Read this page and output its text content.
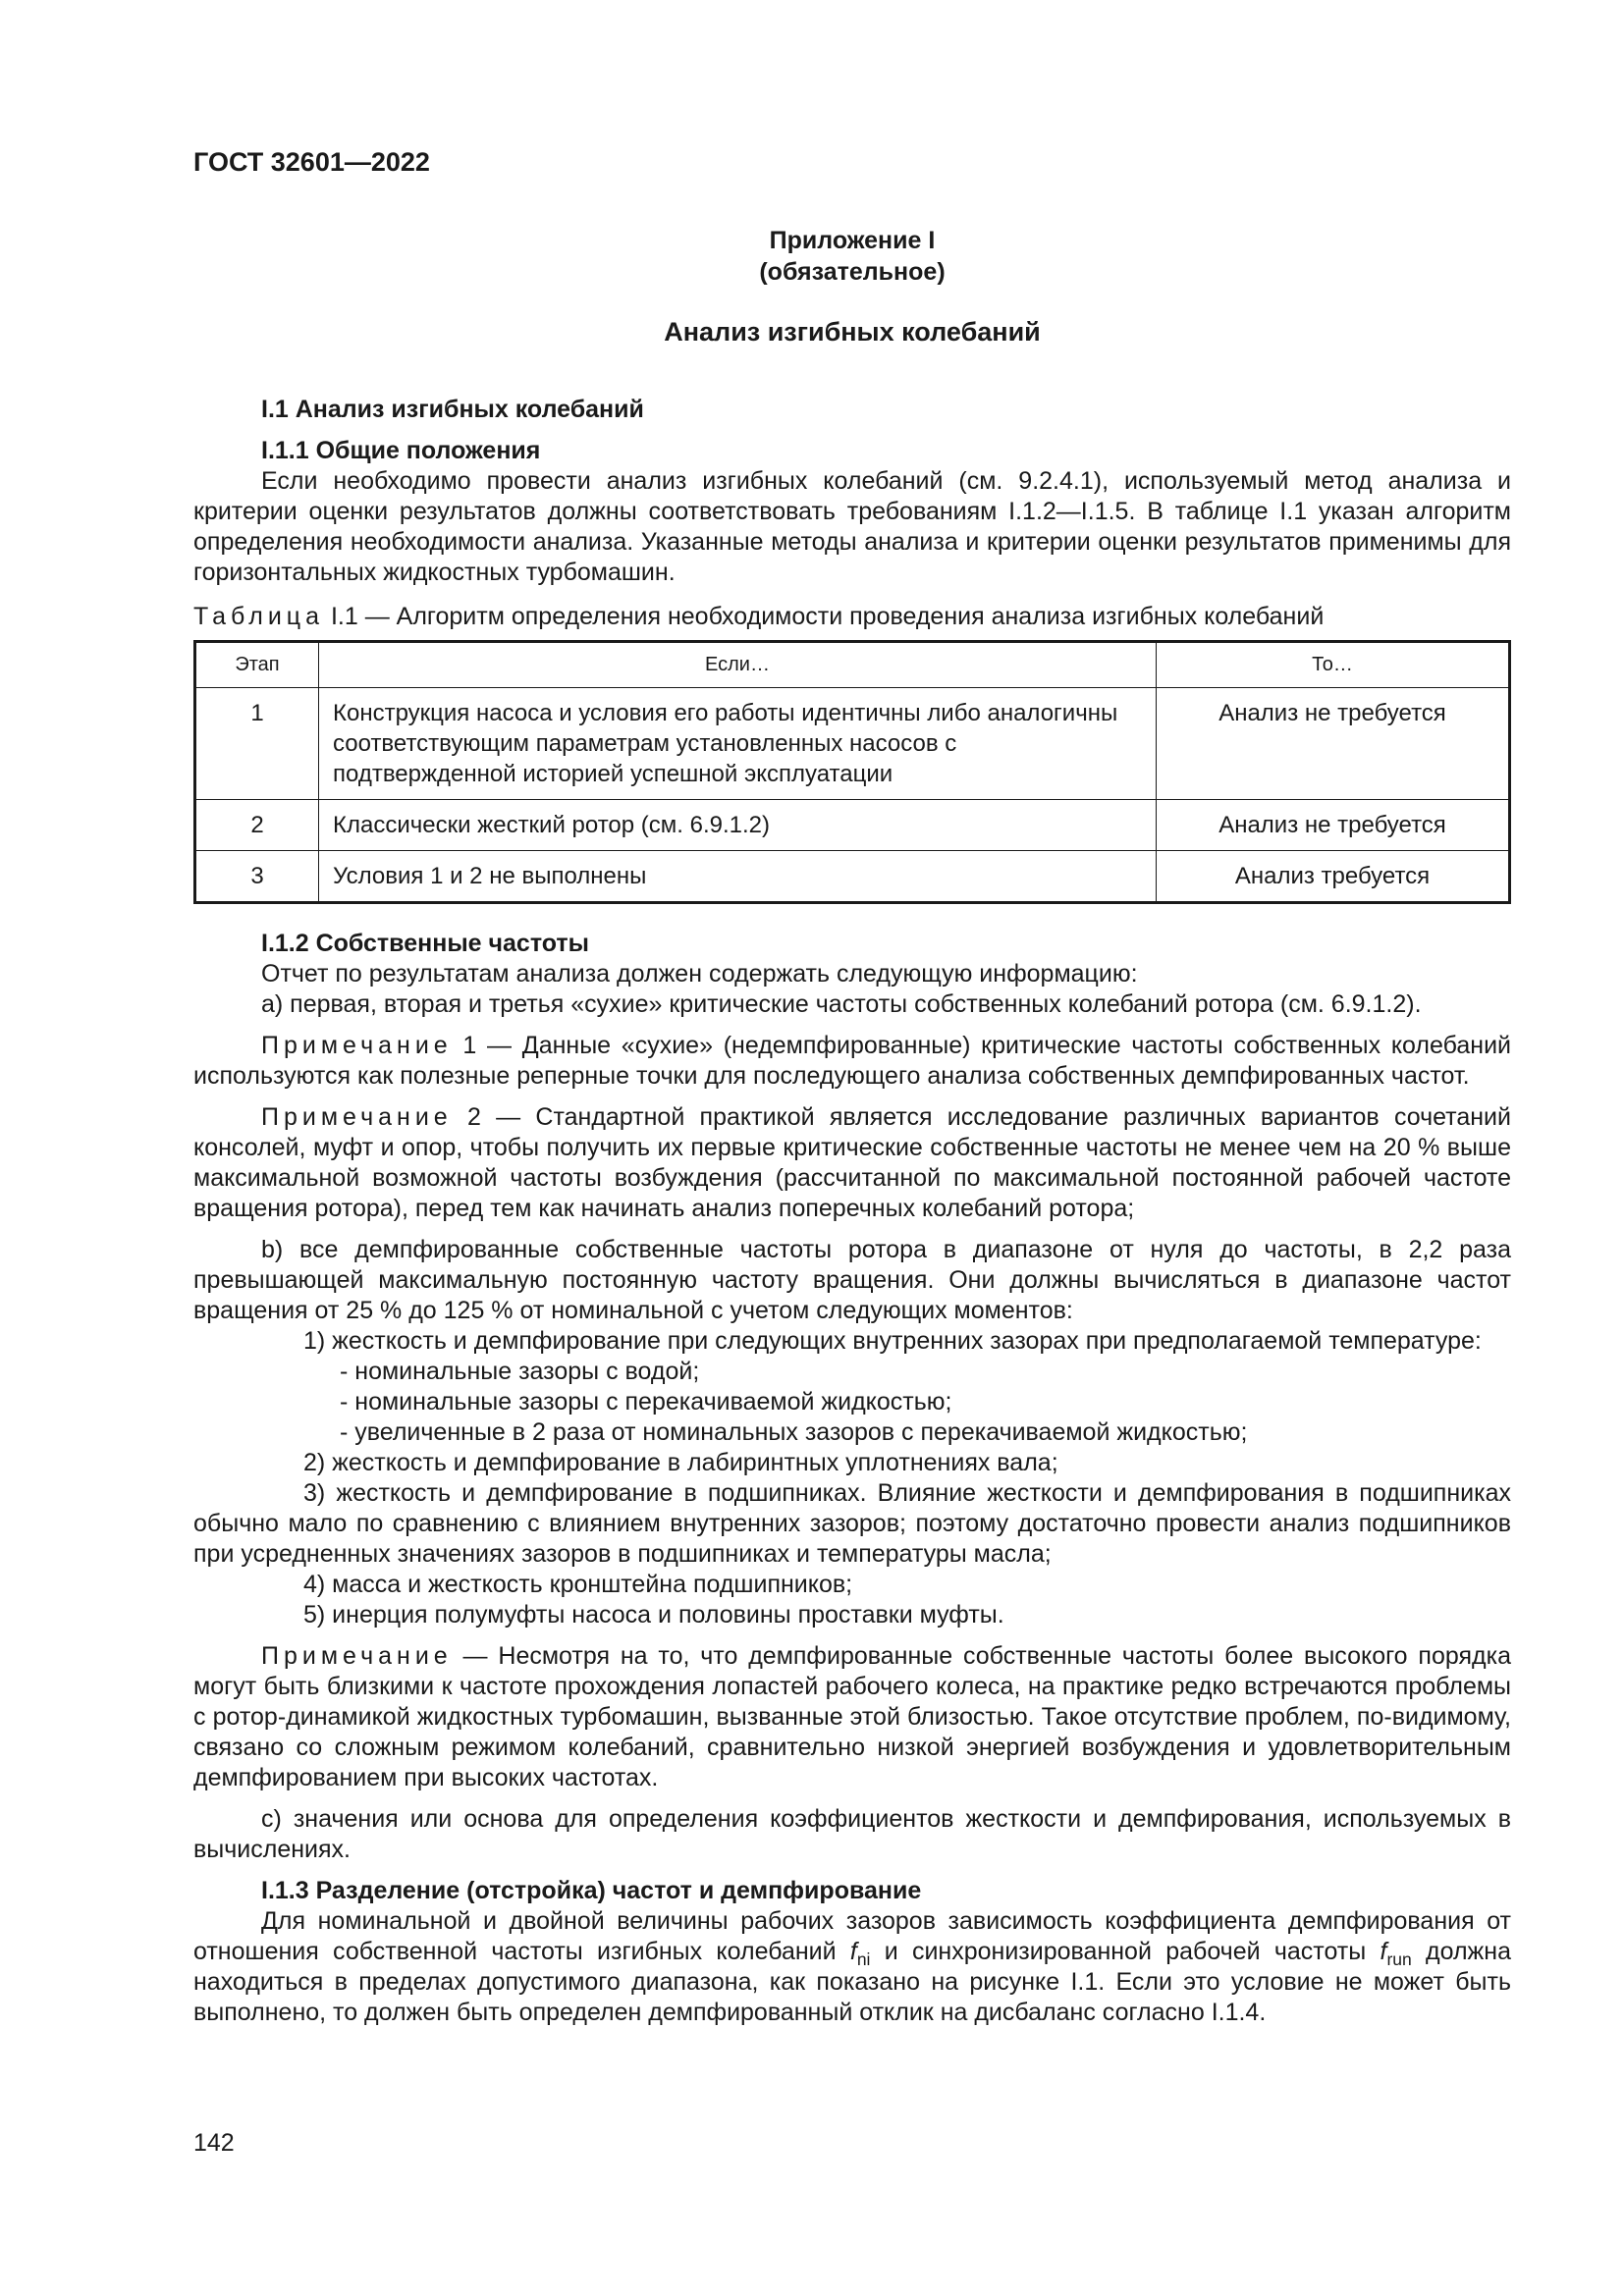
ГОСТ 32601—2022
Приложение I
(обязательное)
Анализ изгибных колебаний
I.1 Анализ изгибных колебаний
I.1.1 Общие положения

Если необходимо провести анализ изгибных колебаний (см. 9.2.4.1), используемый метод анализа и критерии оценки результатов должны соответствовать требованиям I.1.2—I.1.5. В таблице I.1 указан алгоритм определения необходимости анализа. Указанные методы анализа и критерии оценки результатов применимы для горизонтальных жидкостных турбомашин.

Таблица I.1 — Алгоритм определения необходимости проведения анализа изгибных колебаний
Этап	Если…	То…
1	Конструкция насоса и условия его работы идентичны либо аналогичны соответствующим параметрам установленных насосов с подтвержденной историей успешной эксплуатации	Анализ не требуется
2	Классически жесткий ротор (см. 6.9.1.2)	Анализ не требуется
3	Условия 1 и 2 не выполнены	Анализ требуется
I.1.2 Собственные частоты
Отчет по результатам анализа должен содержать следующую информацию:

а) первая, вторая и третья «сухие» критические частоты собственных колебаний ротора (см. 6.9.1.2).

Примечание 1 — Данные «сухие» (недемпфированные) критические частоты собственных колебаний используются как полезные реперные точки для последующего анализа собственных демпфированных частот.

Примечание 2 — Стандартной практикой является исследование различных вариантов сочетаний консолей, муфт и опор, чтобы получить их первые критические собственные частоты не менее чем на 20 % выше максимальной возможной частоты возбуждения (рассчитанной по максимальной постоянной рабочей частоте вращения ротора), перед тем как начинать анализ поперечных колебаний ротора;

b) все демпфированные собственные частоты ротора в диапазоне от нуля до частоты, в 2,2 раза превышающей максимальную постоянную частоту вращения. Они должны вычисляться в диапазоне частот вращения от 25 % до 125 % от номинальной с учетом следующих моментов:

1) жесткость и демпфирование при следующих внутренних зазорах при предполагаемой температуре:
- номинальные зазоры с водой;
- номинальные зазоры с перекачиваемой жидкостью;
- увеличенные в 2 раза от номинальных зазоров с перекачиваемой жидкостью;
2) жесткость и демпфирование в лабиринтных уплотнениях вала;

3) жесткость и демпфирование в подшипниках. Влияние жесткости и демпфирования в подшипниках обычно мало по сравнению с влиянием внутренних зазоров; поэтому достаточно провести анализ подшипников при усредненных значениях зазоров в подшипниках и температуры масла;

4) масса и жесткость кронштейна подшипников;
5) инерция полумуфты насоса и половины проставки муфты.

Примечание — Несмотря на то, что демпфированные собственные частоты более высокого порядка могут быть близкими к частоте прохождения лопастей рабочего колеса, на практике редко встречаются проблемы с ротор-динамикой жидкостных турбомашин, вызванные этой близостью. Такое отсутствие проблем, по-видимому, связано со сложным режимом колебаний, сравнительно низкой энергией возбуждения и удовлетворительным демпфированием при высоких частотах.

с) значения или основа для определения коэффициентов жесткости и демпфирования, используемых в вычислениях.

I.1.3 Разделение (отстройка) частот и демпфирование

Для номинальной и двойной величины рабочих зазоров зависимость коэффициента демпфирования от отношения собственной частоты изгибных колебаний $f_{ni}$ и синхронизированной рабочей частоты $f_{run}$ должна находиться в пределах допустимого диапазона, как показано на рисунке I.1. Если это условие не может быть выполнено, то должен быть определен демпфированный отклик на дисбаланс согласно I.1.4.

142
